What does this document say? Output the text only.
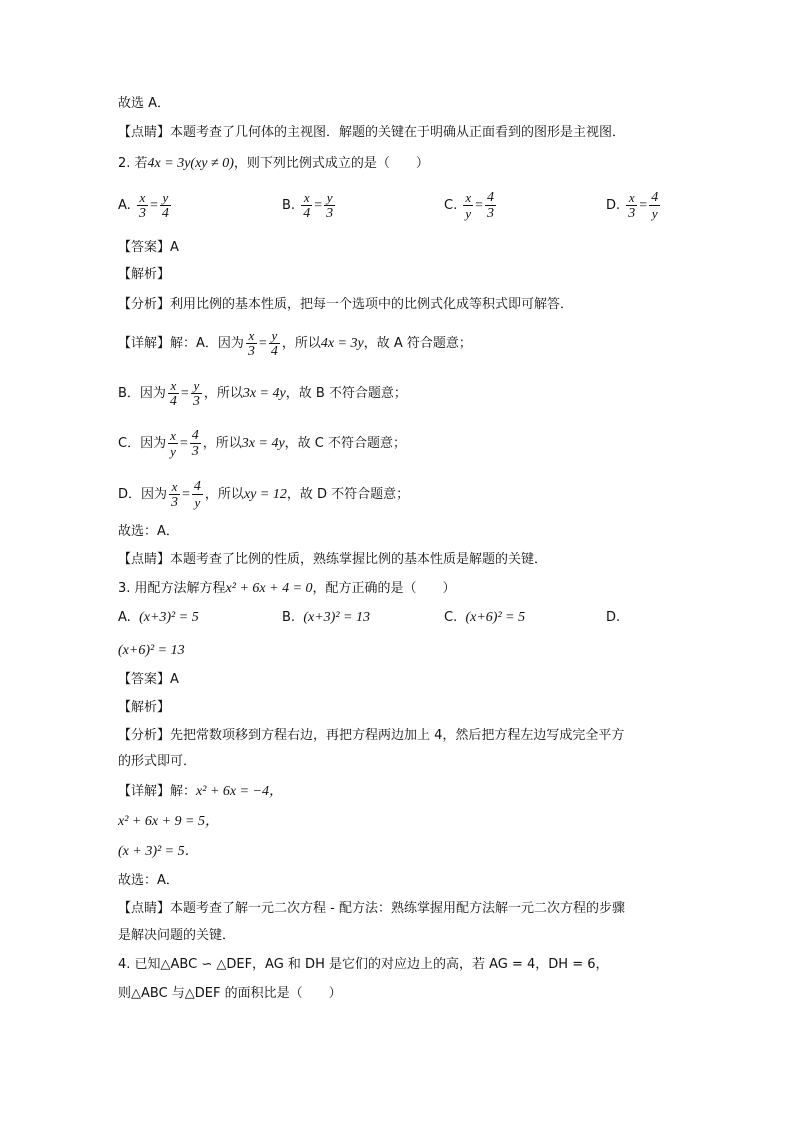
故选 A．
【点睛】本题考查了几何体的主视图．解题的关键在于明确从正面看到的图形是主视图．
2. 若4x = 3y(xy ≠ 0)，则下列比例式成立的是（　　）
A. $\frac{x}{3} = \frac{y}{4}$	B. $\frac{x}{4} = \frac{y}{3}$	C. $\frac{x}{y} = \frac{4}{3}$	D. $\frac{x}{3} = \frac{4}{y}$
【答案】A
【解析】
【分析】利用比例的基本性质，把每一个选项中的比例式化成等积式即可解答．
【详解】解：A．因为 $\frac{x}{3} = \frac{y}{4}$ ，所以4x = 3y，故 A 符合题意；
B．因为 $\frac{x}{4} = \frac{y}{3}$ ，所以3x = 4y，故 B 不符合题意；
C．因为 $\frac{x}{y} = \frac{4}{3}$ ，所以3x = 4y，故 C 不符合题意；
D．因为 $\frac{x}{3} = \frac{4}{y}$ ，所以xy = 12，故 D 不符合题意；
故选：A．
【点睛】本题考查了比例的性质，熟练掌握比例的基本性质是解题的关键．
3. 用配方法解方程x² + 6x + 4 = 0，配方正确的是（　　）
A. (x+3)² = 5	B. (x+3)² = 13	C. (x+6)² = 5	D.
(x+6)² = 13
【答案】A
【解析】
【分析】先把常数项移到方程右边，再把方程两边加上 4，然后把方程左边写成完全平方
的形式即可．
【详解】解：x² + 6x = −4，
x² + 6x + 9 = 5，
(x + 3)² = 5．
故选：A．
【点睛】本题考查了解一元二次方程 - 配方法：熟练掌握用配方法解一元二次方程的步骤
是解决问题的关键．
4. 已知△ABC ∽ △DEF，AG 和 DH 是它们的对应边上的高，若 AG = 4，DH = 6，
则△ABC 与△DEF 的面积比是（　　）
